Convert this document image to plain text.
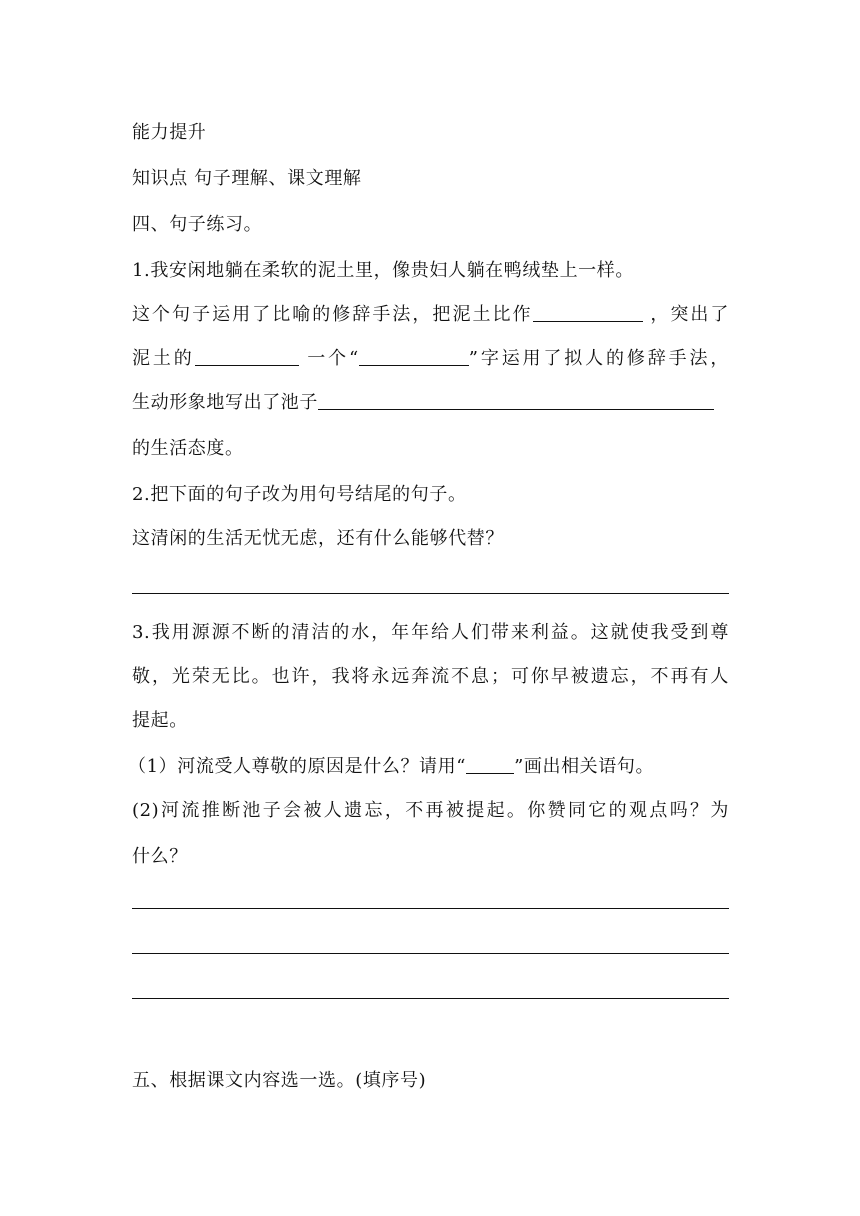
能力提升
知识点 句子理解、课文理解
四、句子练习。
1.我安闲地躺在柔软的泥土里，像贵妇人躺在鸭绒垫上一样。
这个句子运用了比喻的修辞手法，把泥土比作	，突出了
泥土的	一个“	”字运用了拟人的修辞手法，
生动形象地写出了池子
的生活态度。
2.把下面的句子改为用句号结尾的句子。
这清闲的生活无忧无虑，还有什么能够代替？
3.我用源源不断的清洁的水，年年给人们带来利益。这就使我受到尊
敬，光荣无比。也许，我将永远奔流不息；可你早被遗忘，不再有人
提起。
（1）河流受人尊敬的原因是什么？请用“	”画出相关语句。
(2)河流推断池子会被人遗忘，不再被提起。你赞同它的观点吗？为
什么？
五、根据课文内容选一选。(填序号)
